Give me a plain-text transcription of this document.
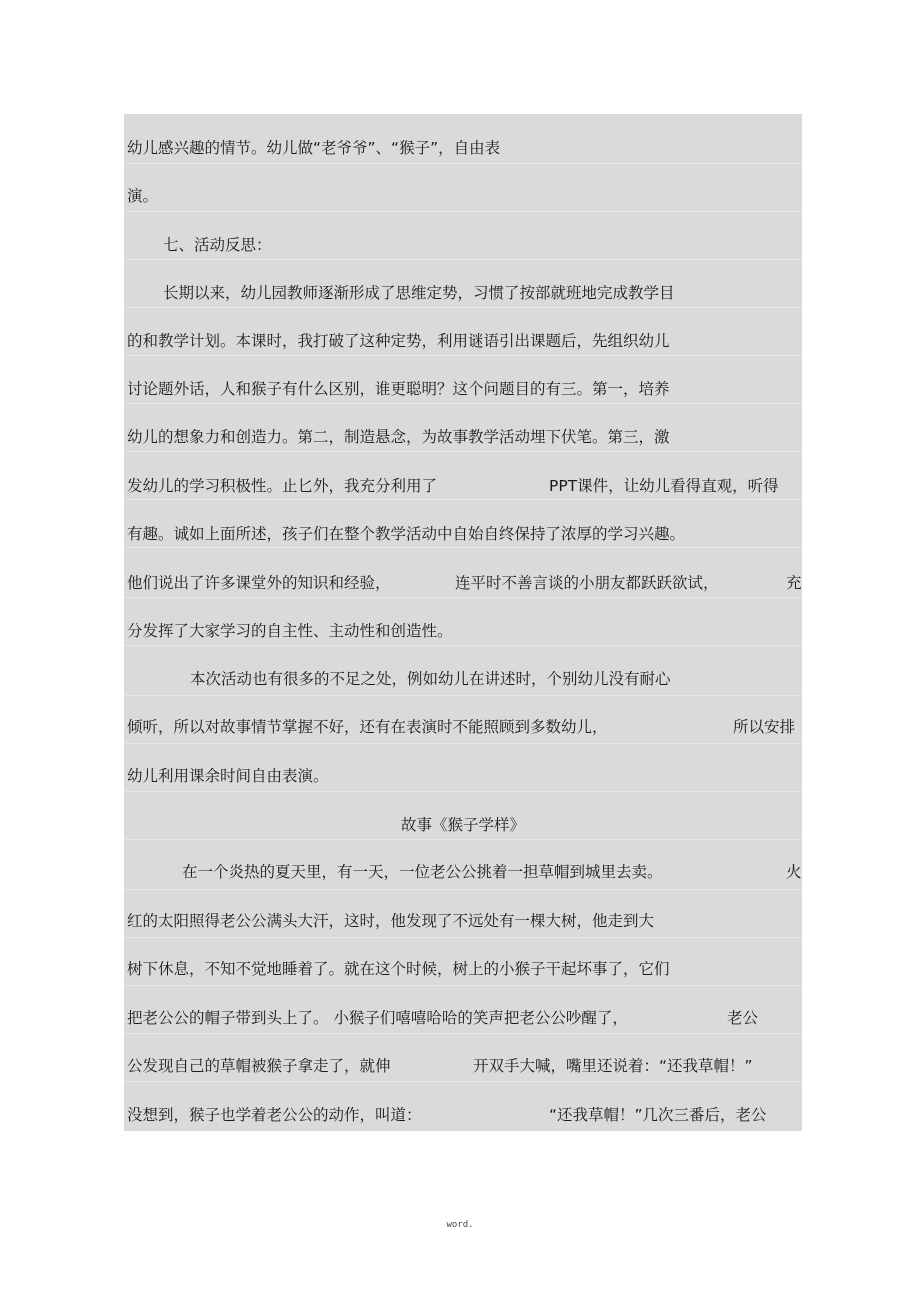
幼儿感兴趣的情节。幼儿做“老爷爷”、“猴子”，自由表
演。
七、活动反思：
长期以来，幼儿园教师逐渐形成了思维定势，习惯了按部就班地完成教学目
的和教学计划。本课时，我打破了这种定势，利用谜语引出课题后，先组织幼儿
讨论题外话，人和猴子有什么区别，谁更聪明？这个问题目的有三。第一，培养
幼儿的想象力和创造力。第二，制造悬念，为故事教学活动埋下伏笔。第三，激
发幼儿的学习积极性。止匕外，我充分利用了	PPT课件，让幼儿看得直观，听得
有趣。诚如上面所述，孩子们在整个教学活动中自始自终保持了浓厚的学习兴趣。
他们说出了许多课堂外的知识和经验，	连平时不善言谈的小朋友都跃跃欲试，	充
分发挥了大家学习的自主性、主动性和创造性。
本次活动也有很多的不足之处，例如幼儿在讲述时，个别幼儿没有耐心
倾听，所以对故事情节掌握不好，还有在表演时不能照顾到多数幼儿，	所以安排
幼儿利用课余时间自由表演。
故事《猴子学样》
在一个炎热的夏天里，有一天，一位老公公挑着一担草帽到城里去卖。	火
红的太阳照得老公公满头大汗，这时，他发现了不远处有一棵大树，他走到大
树下休息，不知不觉地睡着了。就在这个时候，树上的小猴子干起坏事了，它们
把老公公的帽子带到头上了。 小猴子们嘻嘻哈哈的笑声把老公公吵醒了，	老公
公发现自己的草帽被猴子拿走了，就伸	开双手大喊，嘴里还说着：“还我草帽！”
没想到，猴子也学着老公公的动作，叫道：	“还我草帽！”几次三番后，老公
word.
